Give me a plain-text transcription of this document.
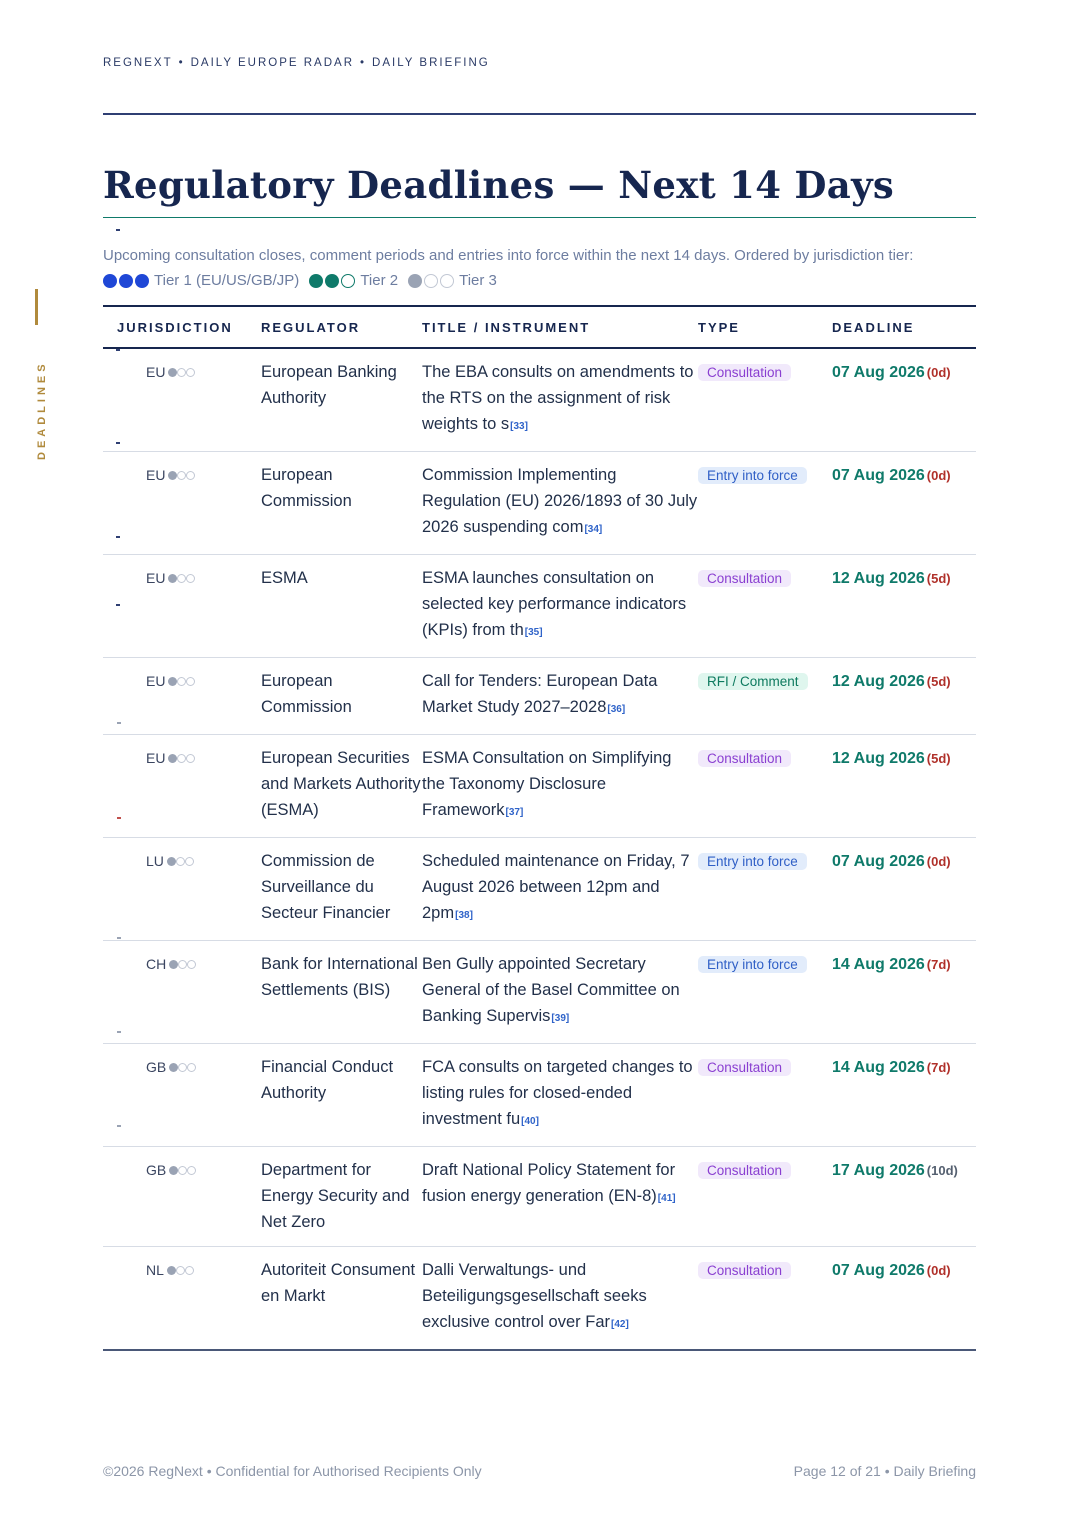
DEADLINES
REGNEXT • DAILY EUROPE RADAR • DAILY BRIEFING
Regulatory Deadlines — Next 14 Days
Upcoming consultation closes, comment periods and entries into force within the next 14 days. Ordered by jurisdiction tier:
Tier 1 (EU/US/GB/JP)	Tier 2	Tier 3
JURISDICTION	REGULATOR	TITLE / INSTRUMENT	TYPE	DEADLINE
EU	European Banking Authority	The EBA consults on amendments to the RTS on the assignment of risk weights to s[33]	Consultation	07 Aug 2026 (0d)
EU	European Commission	Commission Implementing Regulation (EU) 2026/1893 of 30 July 2026 suspending com[34]	Entry into force	07 Aug 2026 (0d)
EU	ESMA	ESMA launches consultation on selected key performance indicators (KPIs) from th[35]	Consultation	12 Aug 2026 (5d)
EU	European Commission	Call for Tenders: European Data Market Study 2027–2028[36]	RFI / Comment	12 Aug 2026 (5d)
EU	European Securities and Markets Authority (ESMA)	ESMA Consultation on Simplifying the Taxonomy Disclosure Framework[37]	Consultation	12 Aug 2026 (5d)
LU	Commission de Surveillance du Secteur Financier	Scheduled maintenance on Friday, 7 August 2026 between 12pm and 2pm[38]	Entry into force	07 Aug 2026 (0d)
CH	Bank for International Settlements (BIS)	Ben Gully appointed Secretary General of the Basel Committee on Banking Supervis[39]	Entry into force	14 Aug 2026 (7d)
GB	Financial Conduct Authority	FCA consults on targeted changes to listing rules for closed-ended investment fu[40]	Consultation	14 Aug 2026 (7d)
GB	Department for Energy Security and Net Zero	Draft National Policy Statement for fusion energy generation (EN-8)[41]	Consultation	17 Aug 2026 (10d)
NL	Autoriteit Consument en Markt	Dalli Verwaltungs- und Beteiligungsgesellschaft seeks exclusive control over Far[42]	Consultation	07 Aug 2026 (0d)
©2026 RegNext • Confidential for Authorised Recipients Only	Page 12 of 21 • Daily Briefing
